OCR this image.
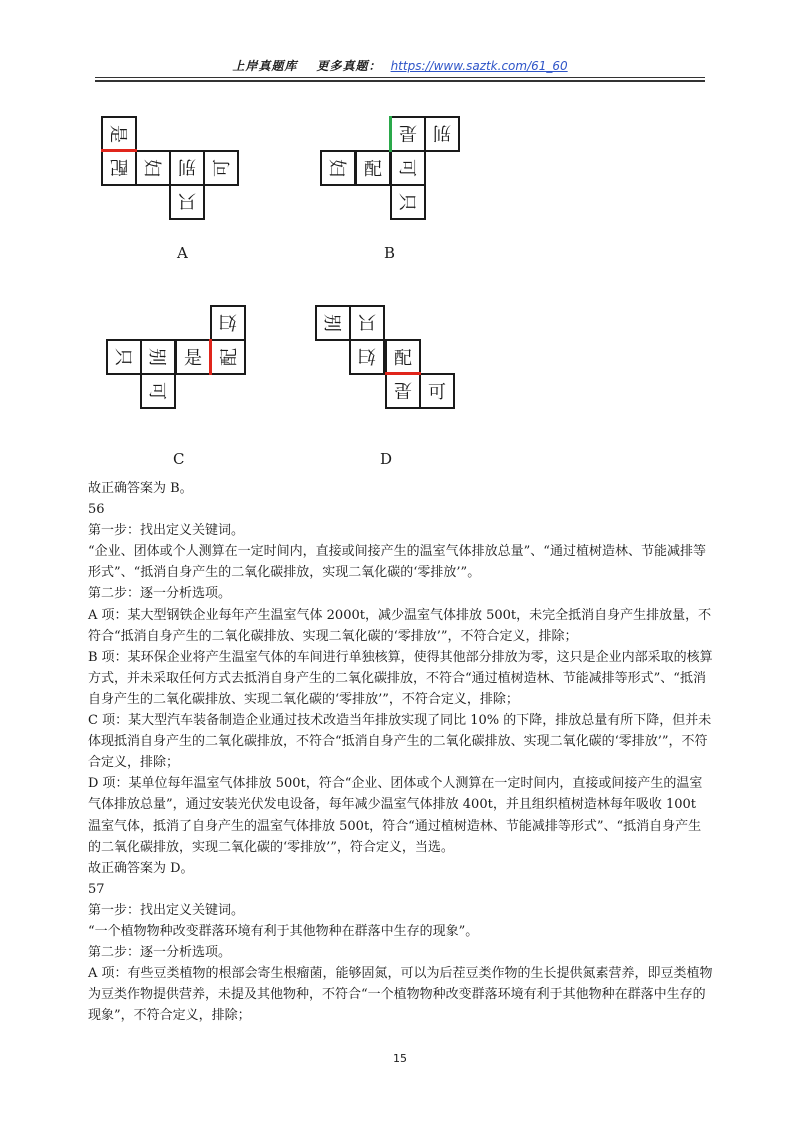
上岸真题库 更多真题： https://www.saztk.com/61_60
是
配 妇 别 可
只
A
是 别
妇 配 可
只
B
妇
只 别 是 配
可
C
别 只
妇 配
是 可
D

故正确答案为 B。

56

第一步：找出定义关键词。

“企业、团体或个人测算在一定时间内，直接或间接产生的温室气体排放总量”、“通过植树造林、节能减排等形式”、“抵消自身产生的二氧化碳排放，实现二氧化碳的‘零排放’”。

第二步：逐一分析选项。

A 项：某大型钢铁企业每年产生温室气体 2000t，减少温室气体排放 500t，未完全抵消自身产生排放量，不符合“抵消自身产生的二氧化碳排放、实现二氧化碳的‘零排放’”，不符合定义，排除；

B 项：某环保企业将产生温室气体的车间进行单独核算，使得其他部分排放为零，这只是企业内部采取的核算方式，并未采取任何方式去抵消自身产生的二氧化碳排放，不符合“通过植树造林、节能减排等形式”、“抵消自身产生的二氧化碳排放、实现二氧化碳的‘零排放’”，不符合定义，排除；

C 项：某大型汽车装备制造企业通过技术改造当年排放实现了同比 10% 的下降，排放总量有所下降，但并未体现抵消自身产生的二氧化碳排放，不符合“抵消自身产生的二氧化碳排放、实现二氧化碳的‘零排放’”，不符合定义，排除；

D 项：某单位每年温室气体排放 500t，符合“企业、团体或个人测算在一定时间内，直接或间接产生的温室气体排放总量”，通过安装光伏发电设备，每年减少温室气体排放 400t，并且组织植树造林每年吸收 100t 温室气体，抵消了自身产生的温室气体排放 500t，符合“通过植树造林、节能减排等形式”、“抵消自身产生的二氧化碳排放，实现二氧化碳的‘零排放’”，符合定义，当选。

故正确答案为 D。

57

第一步：找出定义关键词。

“一个植物物种改变群落环境有利于其他物种在群落中生存的现象”。

第二步：逐一分析选项。

A 项：有些豆类植物的根部会寄生根瘤菌，能够固氮，可以为后茬豆类作物的生长提供氮素营养，即豆类植物为豆类作物提供营养，未提及其他物种，不符合“一个植物物种改变群落环境有利于其他物种在群落中生存的现象”，不符合定义，排除；

15
